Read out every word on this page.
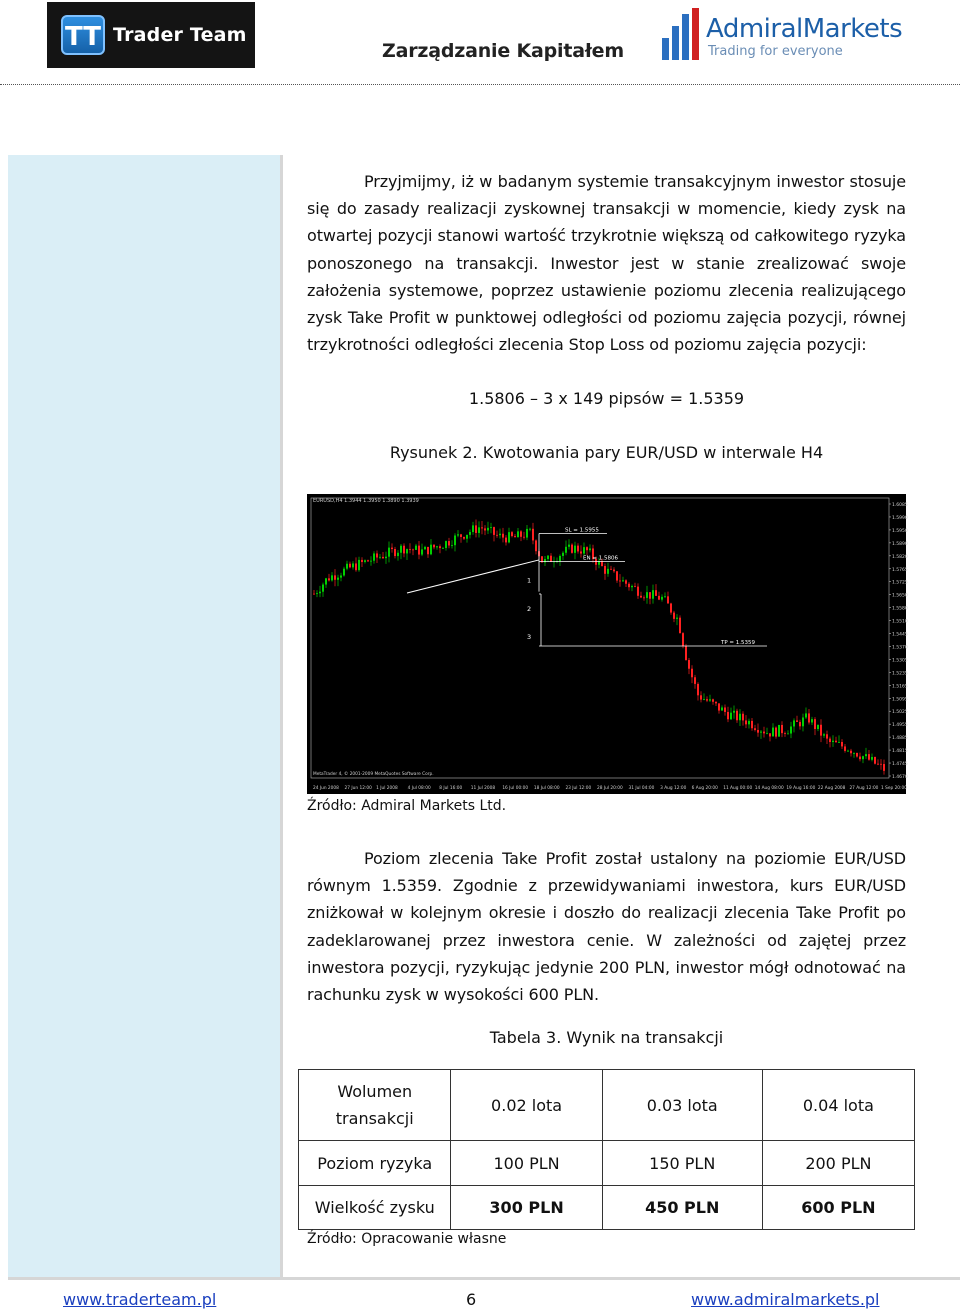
TT Trader Team
Zarządzanie Kapitałem
AdmiralMarkets
Trading for everyone
Przyjmijmy, iż w badanym systemie transakcyjnym inwestor stosuje się do zasady realizacji zyskownej transakcji w momencie, kiedy zysk na otwartej pozycji stanowi wartość trzykrotnie większą od całkowitego ryzyka ponoszonego na transakcji. Inwestor jest w stanie zrealizować swoje założenia systemowe, poprzez ustawienie poziomu zlecenia realizującego zysk Take Profit w punktowej odległości od poziomu zajęcia pozycji, równej trzykrotności odległości zlecenia Stop Loss od poziomu zajęcia pozycji:
1.5806 – 3 x 149 pipsów = 1.5359
Rysunek 2. Kwotowania pary EUR/USD w interwale H4
EURUSD,H4 1.3944 1.3950 1.3890 1.3939
1.6085
1.5990
1.5950
1.5890
1.5820
1.5765
1.5725
1.5650
1.5580
1.5510
1.5445
1.5370
1.5305
1.5235
1.5165
1.5095
1.5025
1.4955
1.4885
1.4815
1.4745
1.4670
24 Jun 2008 27 Jun 12:00 1 Jul 2008 4 Jul 08:00 8 Jul 16:00 11 Jul 2008 16 Jul 00:00 18 Jul 08:00 23 Jul 12:00 28 Jul 20:00 31 Jul 04:00 3 Aug 12:00 6 Aug 20:00 11 Aug 00:00 14 Aug 08:00 19 Aug 16:00 22 Aug 2008 27 Aug 12:00 1 Sep 20:00
MetaTrader 4, © 2001-2009 MetaQuotes Software Corp.
SL = 1.5955
EN = 1.5806
TP = 1.5359
1
2
3
Źródło: Admiral Markets Ltd.
Poziom zlecenia Take Profit został ustalony na poziomie EUR/USD równym 1.5359. Zgodnie z przewidywaniami inwestora, kurs EUR/USD zniżkował w kolejnym okresie i doszło do realizacji zlecenia Take Profit po zadeklarowanej przez inwestora cenie. W zależności od zajętej przez inwestora pozycji, ryzykując jedynie 200 PLN, inwestor mógł odnotować na rachunku zysk w wysokości 600 PLN.
Tabela 3. Wynik na transakcji
Wolumen transakcji	0.02 lota	0.03 lota	0.04 lota
Poziom ryzyka	100 PLN	150 PLN	200 PLN
Wielkość zysku	300 PLN	450 PLN	600 PLN
Źródło: Opracowanie własne
www.traderteam.pl	6	www.admiralmarkets.pl
